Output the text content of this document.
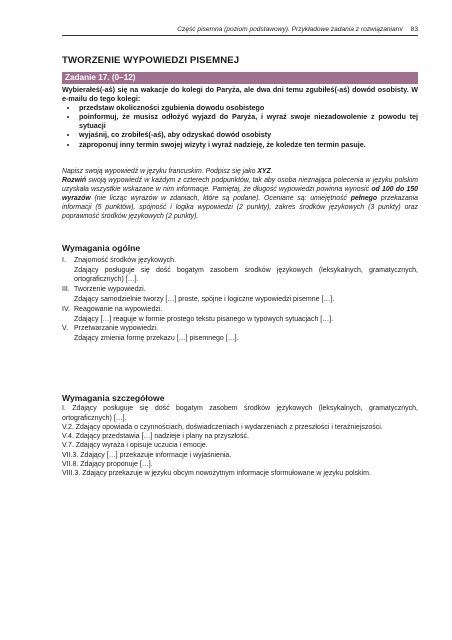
Część pisemna (poziom podstawowy). Przykładowe zadania z rozwiązaniami 83
TWORZENIE WYPOWIEDZI PISEMNEJ
Zadanie 17. (0–12)
Wybierałeś(-aś) się na wakacje do kolegi do Paryża, ale dwa dni temu zgubiłeś(-aś) dowód osobisty. W e-mailu do tego kolegi:
• przedstaw okoliczności zgubienia dowodu osobistego
• poinformuj, że musisz odłożyć wyjazd do Paryża, i wyraź swoje niezadowolenie z powodu tej sytuacji
• wyjaśnij, co zrobiłeś(-aś), aby odzyskać dowód osobisty
• zaproponuj inny termin swojej wizyty i wyraź nadzieję, że koledze ten termin pasuje.

Napisz swoją wypowiedź w języku francuskim. Podpisz się jako XYZ.

Rozwiń swoją wypowiedź w każdym z czterech podpunktów, tak aby osoba nieznająca polecenia w języku polskim uzyskała wszystkie wskazane w nim informacje. Pamiętaj, że długość wypowiedzi powinna wynosić od 100 do 150 wyrazów (nie licząc wyrazów w zdaniach, które są podane). Oceniane są: umiejętność pełnego przekazania informacji (5 punktów), spójność i logika wypowiedzi (2 punkty), zakres środków językowych (3 punkty) oraz poprawność środków językowych (2 punkty).

Wymagania ogólne
I.	Znajomość środków językowych.
Zdający posługuje się dość bogatym zasobem środków językowych (leksykalnych, gramatycznych, ortograficznych) […].
III. Tworzenie wypowiedzi.
Zdający samodzielnie tworzy […] proste, spójne i logiczne wypowiedzi pisemne […].
IV. Reagowanie na wypowiedzi.
Zdający […] reaguje w formie prostego tekstu pisanego w typowych sytuacjach […].
V. Przetwarzanie wypowiedzi.
Zdający zmienia formę przekazu […] pisemnego […].
Wymagania szczegółowe

I. Zdający posługuje się dość bogatym zasobem środków językowych (leksykalnych, gramatycznych, ortograficznych) […].

V.2. Zdający opowiada o czynnościach, doświadczeniach i wydarzeniach z przeszłości i teraźniejszości.

V.4. Zdający przedstawia […] nadzieje i plany na przyszłość.

V.7. Zdający wyraża i opisuje uczucia i emocje.

VII.3. Zdający […] przekazuje informacje i wyjaśnienia.

VII.8. Zdający proponuje […].

VIII.3. Zdający przekazuje w języku obcym nowożytnym informacje sformułowane w języku polskim.
